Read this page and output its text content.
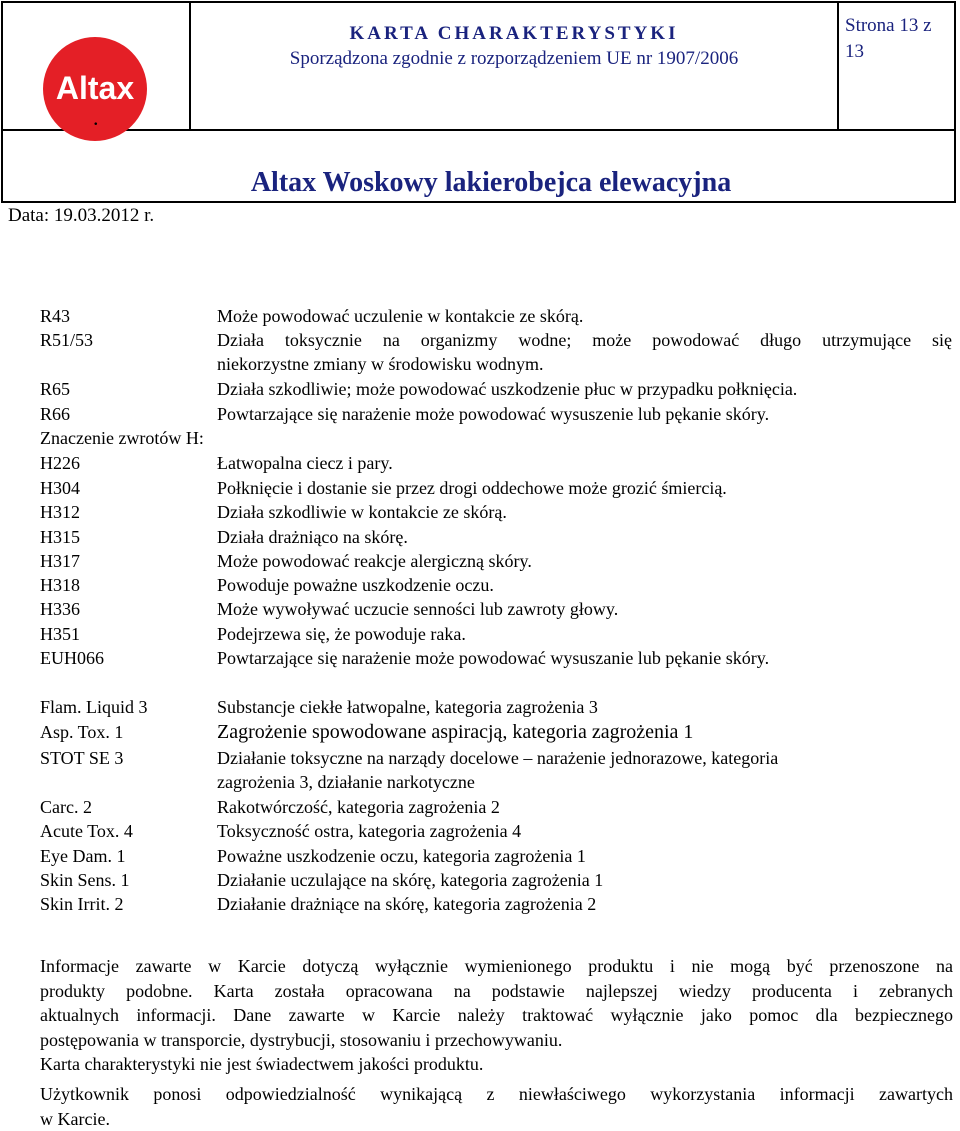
Altax
.
KARTA CHARAKTERYSTYKI
Sporządzona zgodnie z rozporządzeniem UE nr 1907/2006
Strona 13 z
13
Altax Woskowy lakierobejca elewacyjna
Data: 19.03.2012 r.
R43	Może powodować uczulenie w kontakcie ze skórą.
R51/53	Działa toksycznie na organizmy wodne; może powodować długo utrzymujące się
niekorzystne zmiany w środowisku wodnym.
R65	Działa szkodliwie; może powodować uszkodzenie płuc w przypadku połknięcia.
R66	Powtarzające się narażenie może powodować wysuszenie lub pękanie skóry.
Znaczenie zwrotów H:
H226	Łatwopalna ciecz i pary.
H304	Połknięcie i dostanie sie przez drogi oddechowe może grozić śmiercią.
H312	Działa szkodliwie w kontakcie ze skórą.
H315	Działa drażniąco na skórę.
H317	Może powodować reakcje alergiczną skóry.
H318	Powoduje poważne uszkodzenie oczu.
H336	Może wywoływać uczucie senności lub zawroty głowy.
H351	Podejrzewa się, że powoduje raka.
EUH066	Powtarzające się narażenie może powodować wysuszanie lub pękanie skóry.
Flam. Liquid 3	Substancje ciekłe łatwopalne, kategoria zagrożenia 3
Asp. Tox. 1	Zagrożenie spowodowane aspiracją, kategoria zagrożenia 1
STOT SE 3	Działanie toksyczne na narządy docelowe – narażenie jednorazowe, kategoria
zagrożenia 3, działanie narkotyczne
Carc. 2	Rakotwórczość, kategoria zagrożenia 2
Acute Tox. 4	Toksyczność ostra, kategoria zagrożenia 4
Eye Dam. 1	Poważne uszkodzenie oczu, kategoria zagrożenia 1
Skin Sens. 1	Działanie uczulające na skórę, kategoria zagrożenia 1
Skin Irrit. 2	Działanie drażniące na skórę, kategoria zagrożenia 2
Informacje zawarte w Karcie dotyczą wyłącznie wymienionego produktu i nie mogą być przenoszone na
produkty podobne. Karta została opracowana na podstawie najlepszej wiedzy producenta i zebranych
aktualnych informacji. Dane zawarte w Karcie należy traktować wyłącznie jako pomoc dla bezpiecznego
postępowania w transporcie, dystrybucji, stosowaniu i przechowywaniu.
Karta charakterystyki nie jest świadectwem jakości produktu.
Użytkownik ponosi odpowiedzialność wynikającą z niewłaściwego wykorzystania informacji zawartych
w Karcie.
